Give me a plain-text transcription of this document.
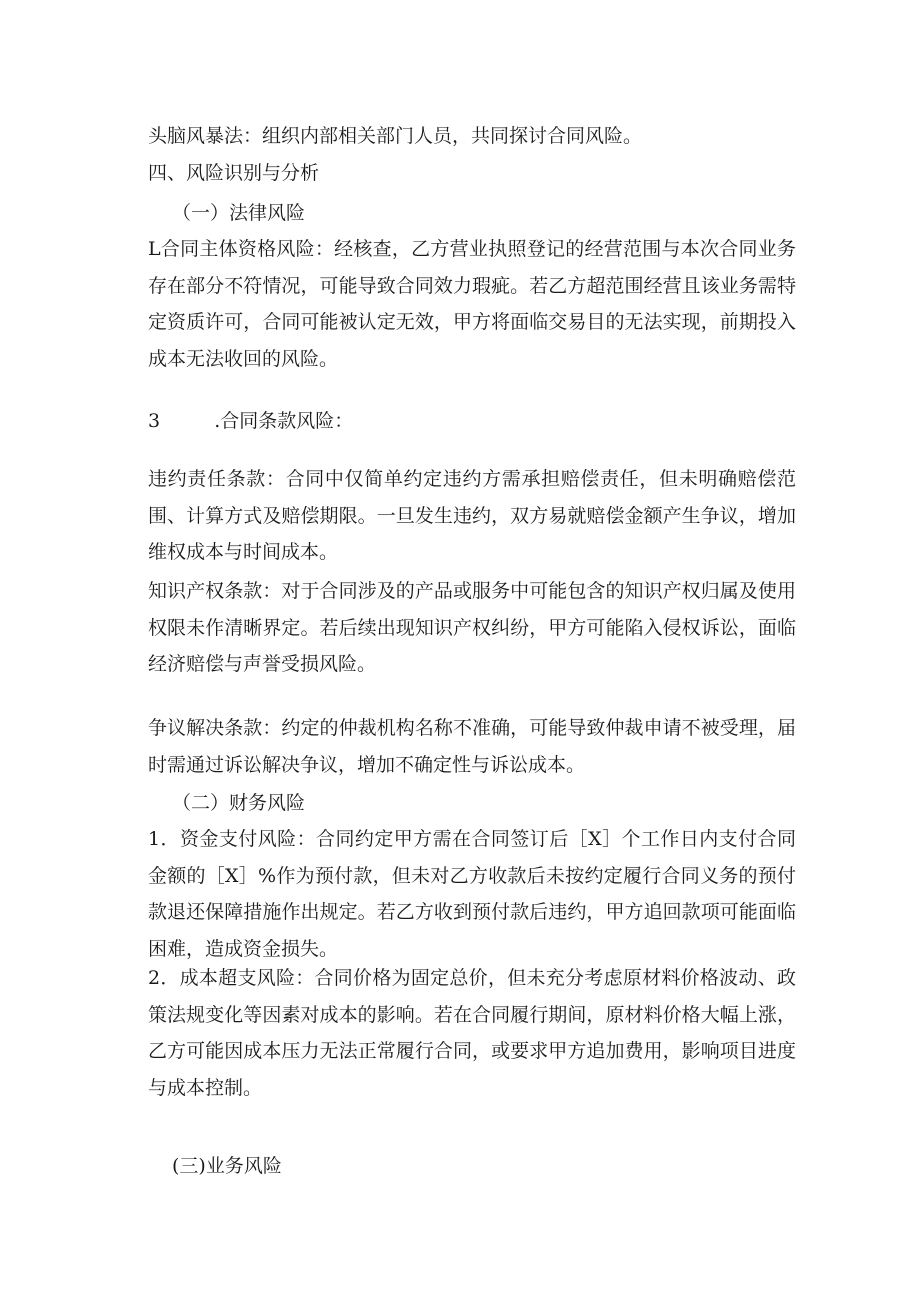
头脑风暴法：组织内部相关部门人员，共同探讨合同风险。

四、风险识别与分析

（一）法律风险

L合同主体资格风险：经核查，乙方营业执照登记的经营范围与本次合同业务存在部分不符情况，可能导致合同效力瑕疵。若乙方超范围经营且该业务需特定资质许可，合同可能被认定无效，甲方将面临交易目的无法实现，前期投入成本无法收回的风险。

3	.合同条款风险：

违约责任条款：合同中仅简单约定违约方需承担赔偿责任，但未明确赔偿范围、计算方式及赔偿期限。一旦发生违约，双方易就赔偿金额产生争议，增加维权成本与时间成本。

知识产权条款：对于合同涉及的产品或服务中可能包含的知识产权归属及使用权限未作清晰界定。若后续出现知识产权纠纷，甲方可能陷入侵权诉讼，面临经济赔偿与声誉受损风险。

争议解决条款：约定的仲裁机构名称不准确，可能导致仲裁申请不被受理，届时需通过诉讼解决争议，增加不确定性与诉讼成本。

（二）财务风险

1．资金支付风险：合同约定甲方需在合同签订后［X］个工作日内支付合同金额的［X］%作为预付款，但未对乙方收款后未按约定履行合同义务的预付款退还保障措施作出规定。若乙方收到预付款后违约，甲方追回款项可能面临困难，造成资金损失。

2．成本超支风险：合同价格为固定总价，但未充分考虑原材料价格波动、政策法规变化等因素对成本的影响。若在合同履行期间，原材料价格大幅上涨，乙方可能因成本压力无法正常履行合同，或要求甲方追加费用，影响项目进度与成本控制。

(三)业务风险
